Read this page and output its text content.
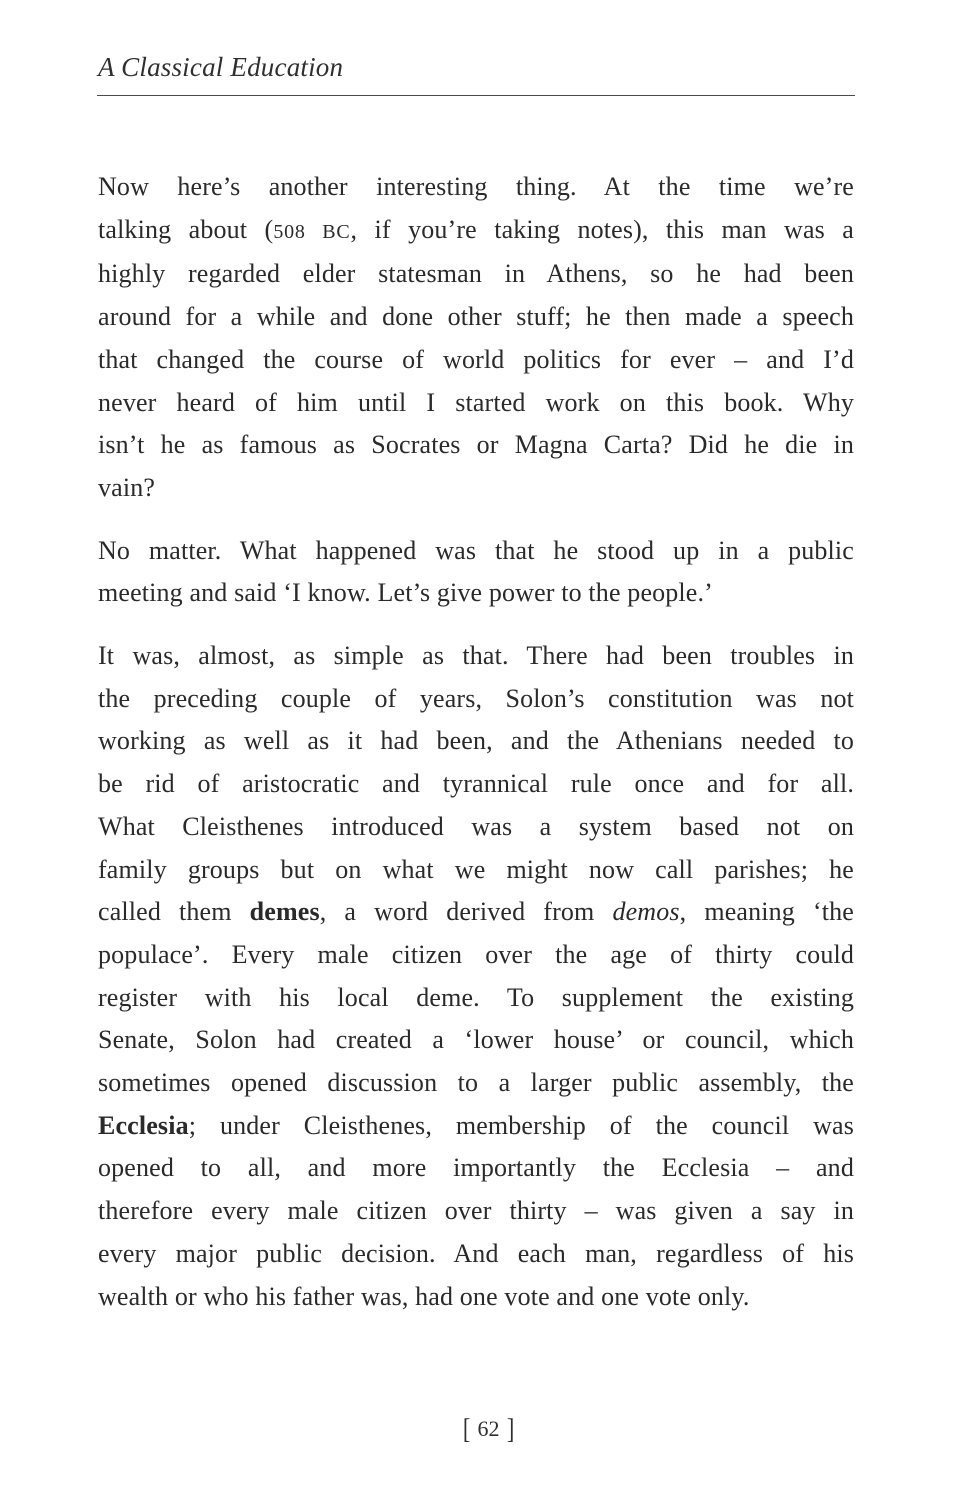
A Classical Education

Now here’s another interesting thing. At the time we’re
talking about (508 BC, if you’re taking notes), this man was a
highly regarded elder statesman in Athens, so he had been
around for a while and done other stuff; he then made a speech
that changed the course of world politics for ever – and I’d
never heard of him until I started work on this book. Why
isn’t he as famous as Socrates or Magna Carta? Did he die in
vain?

No matter. What happened was that he stood up in a public
meeting and said ‘I know. Let’s give power to the people.’

It was, almost, as simple as that. There had been troubles in
the preceding couple of years, Solon’s constitution was not
working as well as it had been, and the Athenians needed to
be rid of aristocratic and tyrannical rule once and for all.
What Cleisthenes introduced was a system based not on
family groups but on what we might now call parishes; he
called them demes, a word derived from demos, meaning ‘the
populace’. Every male citizen over the age of thirty could
register with his local deme. To supplement the existing
Senate, Solon had created a ‘lower house’ or council, which
sometimes opened discussion to a larger public assembly, the
Ecclesia; under Cleisthenes, membership of the council was
opened to all, and more importantly the Ecclesia – and
therefore every male citizen over thirty – was given a say in
every major public decision. And each man, regardless of his
wealth or who his father was, had one vote and one vote only.

[ 62 ]
